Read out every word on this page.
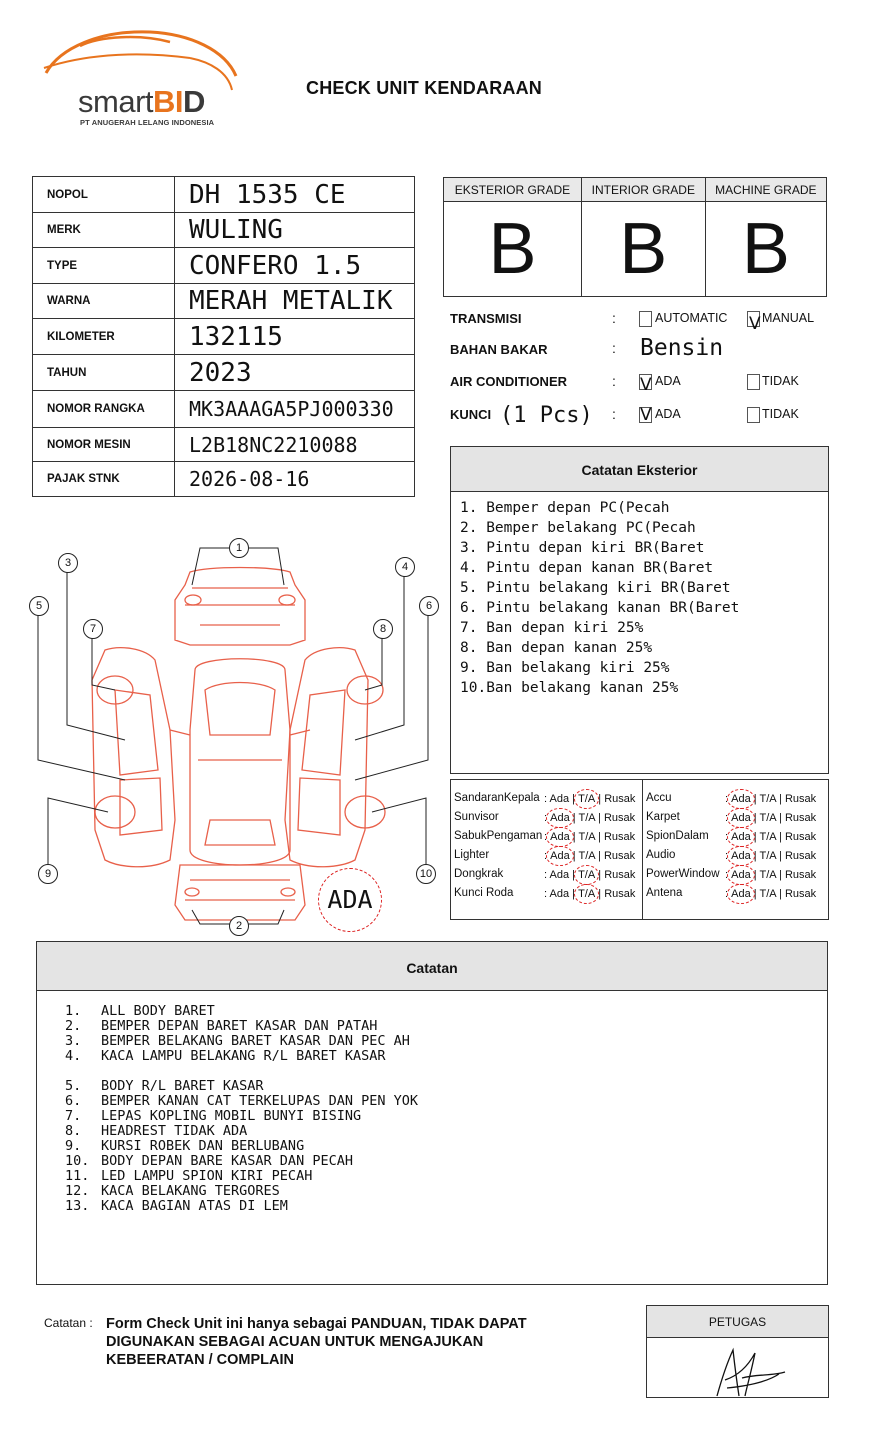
smartBID
PT ANUGERAH LELANG INDONESIA
CHECK UNIT KENDARAAN
NOPOL	DH 1535 CE
MERK	WULING
TYPE	CONFERO 1.5
WARNA	MERAH METALIK
KILOMETER	132115
TAHUN	2023
NOMOR RANGKA	MK3AAAGA5PJ000330
NOMOR MESIN	L2B18NC2210088
PAJAK STNK	2026-08-16
EKSTERIOR GRADE	INTERIOR GRADE	MACHINE GRADE
B	B	B
TRANSMISI	:	AUTOMATIC V MANUAL
BAHAN BAKAR	: Bensin
AIR CONDITIONER	: V ADA	TIDAK
KUNCI (1 Pcs) : V ADA	TIDAK
Catatan Eksterior
1. Bemper depan PC(Pecah
2. Bemper belakang PC(Pecah
3. Pintu depan kiri BR(Baret
4. Pintu depan kanan BR(Baret
5. Pintu belakang kiri BR(Baret
6. Pintu belakang kanan BR(Baret
7. Ban depan kiri 25%
8. Ban depan kanan 25%
9. Ban belakang kiri 25%
10.Ban belakang kanan 25%
SandaranKepala : Ada | T/A | Rusak
Sunvisor	: Ada | T/A | Rusak
SabukPengaman : Ada | T/A | Rusak
Lighter	: Ada | T/A | Rusak
Dongkrak	: Ada | T/A | Rusak
Kunci Roda	: Ada | T/A | Rusak
Accu	: Ada | T/A | Rusak
Karpet	: Ada | T/A | Rusak
SpionDalam : Ada | T/A | Rusak
Audio	: Ada | T/A | Rusak
PowerWindow : Ada | T/A | Rusak
Antena	: Ada | T/A | Rusak
1
2
3	4
5	6
7	8
9	10
ADA
Catatan
1.	ALL BODY BARET
2.	BEMPER DEPAN BARET KASAR DAN PATAH
3.	BEMPER BELAKANG BARET KASAR DAN PEC AH
4.	KACA LAMPU BELAKANG R/L BARET KASAR
5.	BODY R/L BARET KASAR
6.	BEMPER KANAN CAT TERKELUPAS DAN PEN YOK
7.	LEPAS KOPLING MOBIL BUNYI BISING
8.	HEADREST TIDAK ADA
9.	KURSI ROBEK DAN BERLUBANG
10. BODY DEPAN BARE KASAR DAN PECAH
11. LED LAMPU SPION KIRI PECAH
12. KACA BELAKANG TERGORES
13. KACA BAGIAN ATAS DI LEM
Catatan : Form Check Unit ini hanya sebagai PANDUAN, TIDAK DAPAT DIGUNAKAN SEBAGAI ACUAN UNTUK MENGAJUKAN KEBEERATAN / COMPLAIN
PETUGAS
